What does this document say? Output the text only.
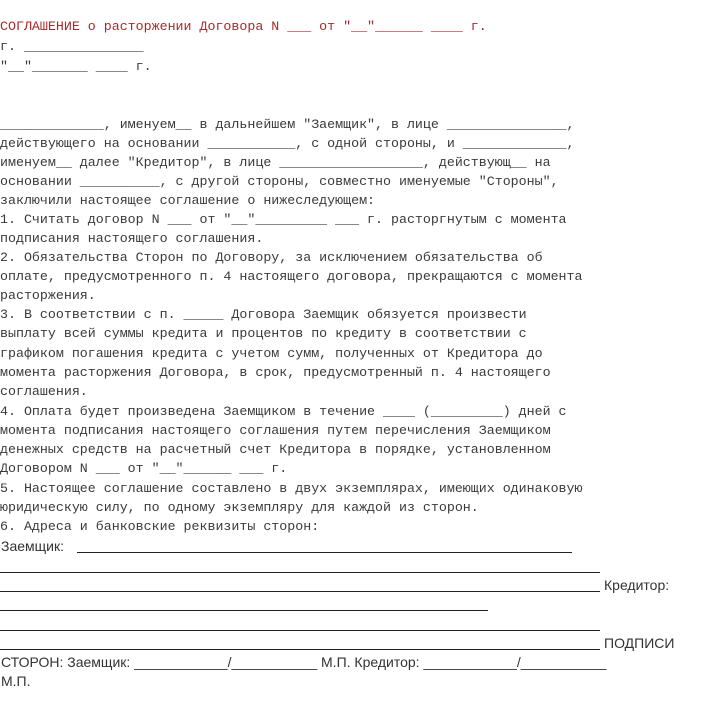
СОГЛАШЕНИЕ о расторжении Договора N ___ от "__"______ ____ г.
г. _______________
"__"_______ ____ г.
_____________, именуем__ в дальнейшем "Заемщик", в лице _______________,
действующего на основании ___________, с одной стороны, и _____________,
именуем__ далее "Кредитор", в лице __________________, действующ__ на
основании __________, с другой стороны, совместно именуемые "Стороны",
заключили настоящее соглашение о нижеследующем:
1. Считать договор N ___ от "__"_________ ___ г. расторгнутым с момента
подписания настоящего соглашения.
2. Обязательства Сторон по Договору, за исключением обязательства об
оплате, предусмотренного п. 4 настоящего договора, прекращаются с момента
расторжения.
3. В соответствии с п. _____ Договора Заемщик обязуется произвести
выплату всей суммы кредита и процентов по кредиту в соответствии с
графиком погашения кредита с учетом сумм, полученных от Кредитора до
момента расторжения Договора, в срок, предусмотренный п. 4 настоящего
соглашения.
4. Оплата будет произведена Заемщиком в течение ____ (_________) дней с
момента подписания настоящего соглашения путем перечисления Заемщиком
денежных средств на расчетный счет Кредитора в порядке, установленном
Договором N ___ от "__"______ ___ г.
5. Настоящее соглашение составлено в двух экземплярах, имеющих одинаковую
юридическую силу, по одному экземпляру для каждой из сторон.
6. Адреса и банковские реквизиты сторон:
Заемщик:
Кредитор:
ПОДПИСИ
СТОРОН: Заемщик: ____________/___________ М.П. Кредитор: ____________/___________
М.П.
